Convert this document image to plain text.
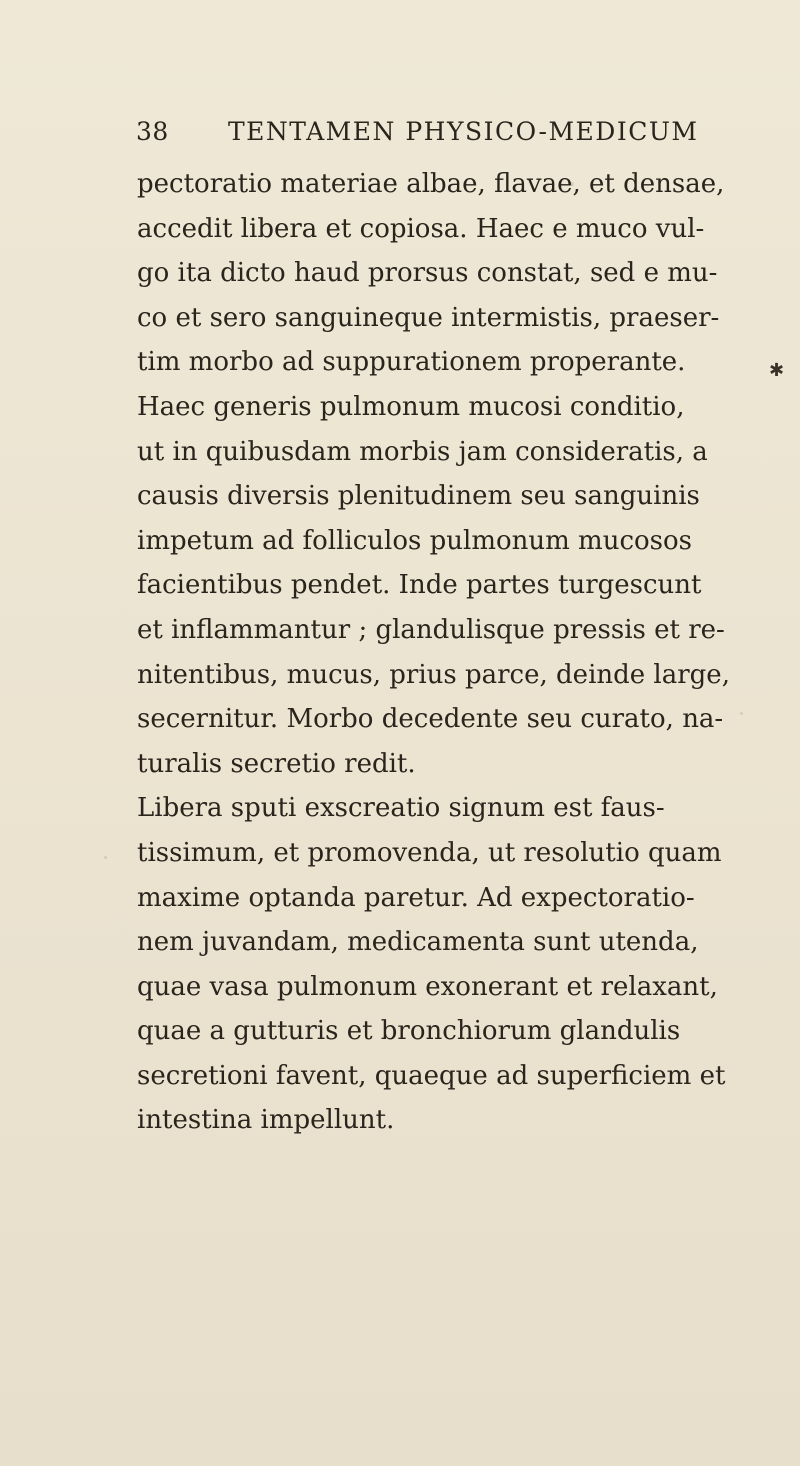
38 TENTAMEN PHYSICO-MEDICUM
pectoratio materiae albae, flavae, et densae,
accedit libera et copiosa. Haec e muco vul-
go ita dicto haud prorsus constat, sed e mu-
co et sero sanguineque intermistis, praeser-
tim morbo ad suppurationem properante.
Haec generis pulmonum mucosi conditio,
ut in quibusdam morbis jam consideratis, a
causis diversis plenitudinem seu sanguinis
impetum ad folliculos pulmonum mucosos
facientibus pendet. Inde partes turgescunt
et inflammantur ; glandulisque pressis et re-
nitentibus, mucus, prius parce, deinde large,
secernitur. Morbo decedente seu curato, na-
turalis secretio redit.
Libera sputi exscreatio signum est faus-
tissimum, et promovenda, ut resolutio quam
maxime optanda paretur. Ad expectoratio-
nem juvandam, medicamenta sunt utenda,
quae vasa pulmonum exonerant et relaxant,
quae a gutturis et bronchiorum glandulis
secretioni favent, quaeque ad superficiem et
intestina impellunt.
✱
